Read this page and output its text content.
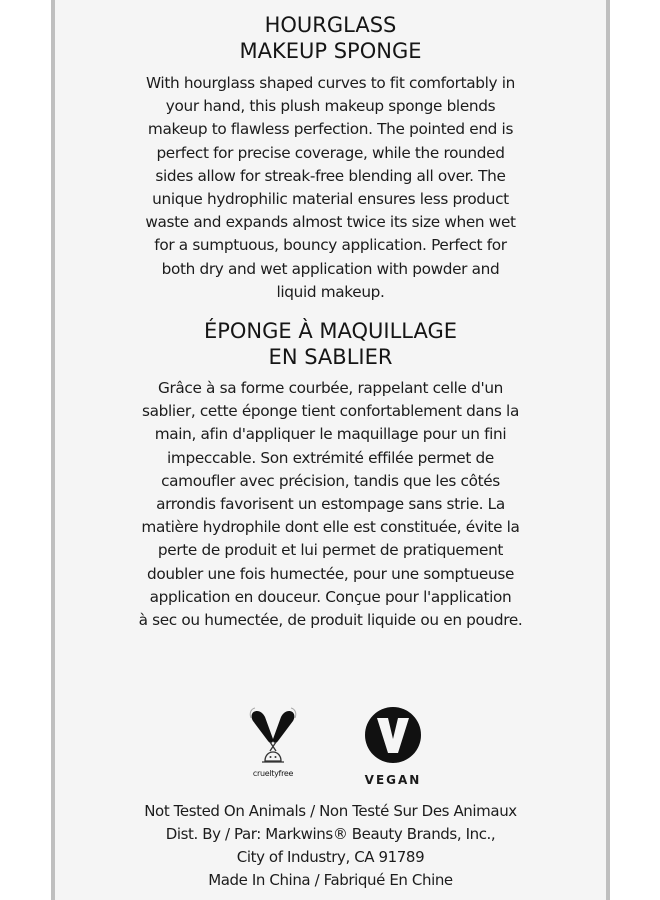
HOURGLASS
MAKEUP SPONGE

With hourglass shaped curves to fit comfortably in
your hand, this plush makeup sponge blends
makeup to flawless perfection. The pointed end is
perfect for precise coverage, while the rounded
sides allow for streak-free blending all over. The
unique hydrophilic material ensures less product
waste and expands almost twice its size when wet
for a sumptuous, bouncy application. Perfect for
both dry and wet application with powder and
liquid makeup.

ÉPONGE À MAQUILLAGE
EN SABLIER

Grâce à sa forme courbée, rappelant celle d'un
sablier, cette éponge tient confortablement dans la
main, afin d'appliquer le maquillage pour un fini
impeccable. Son extrémité effilée permet de
camoufler avec précision, tandis que les côtés
arrondis favorisent un estompage sans strie. La
matière hydrophile dont elle est constituée, évite la
perte de produit et lui permet de pratiquement
doubler une fois humectée, pour une somptueuse
application en douceur. Conçue pour l'application
à sec ou humectée, de produit liquide ou en poudre.

crueltyfree	VEGAN
Not Tested On Animals / Non Testé Sur Des Animaux
Dist. By / Par: Markwins® Beauty Brands, Inc.,
City of Industry, CA 91789
Made In China / Fabriqué En Chine
